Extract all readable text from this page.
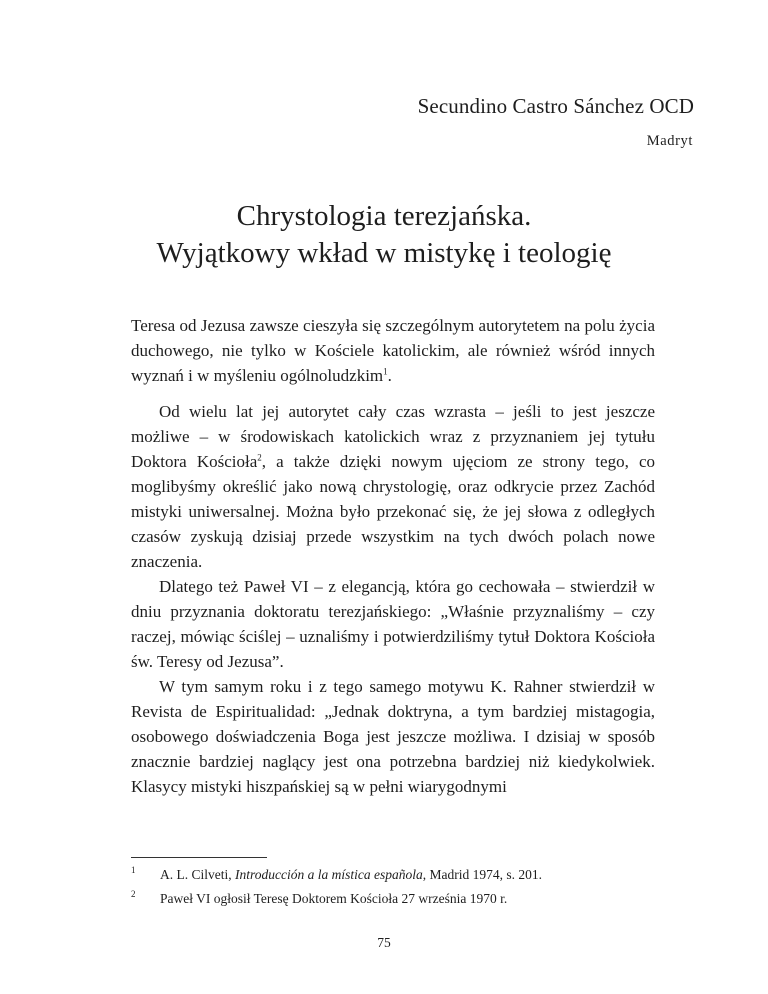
Secundino Castro Sánchez OCD
Madryt
Chrystologia terezjańska.
Wyjątkowy wkład w mistykę i teologię

Teresa od Jezusa zawsze cieszyła się szczególnym autorytetem na polu życia duchowego, nie tylko w Kościele katolickim, ale również wśród innych wyznań i w myśleniu ogólnoludzkim$^1$.

Od wielu lat jej autorytet cały czas wzrasta – jeśli to jest jeszcze możliwe – w środowiskach katolickich wraz z przyznaniem jej tytułu Doktora Kościoła$^2$, a także dzięki nowym ujęciom ze strony tego, co moglibyśmy określić jako nową chrystologię, oraz odkrycie przez Zachód mistyki uniwersalnej. Można było przekonać się, że jej słowa z odległych czasów zyskują dzisiaj przede wszystkim na tych dwóch polach nowe znaczenia.

Dlatego też Paweł VI – z elegancją, która go cechowała – stwierdził w dniu przyznania doktoratu terezjańskiego: „Właśnie przyznaliśmy – czy raczej, mówiąc ściślej – uznaliśmy i potwierdziliśmy tytuł Doktora Kościoła św. Teresy od Jezusa”.

W tym samym roku i z tego samego motywu K. Rahner stwierdził w Revista de Espiritualidad: „Jednak doktryna, a tym bardziej mistagogia, osobowego doświadczenia Boga jest jeszcze możliwa. I dzisiaj w sposób znacznie bardziej naglący jest ona potrzebna bardziej niż kiedykolwiek. Klasycy mistyki hiszpańskiej są w pełni wiarygodnymi

1 A. L. Cilveti, Introducción a la mística española, Madrid 1974, s. 201.
2 Paweł VI ogłosił Teresę Doktorem Kościoła 27 września 1970 r.
75
